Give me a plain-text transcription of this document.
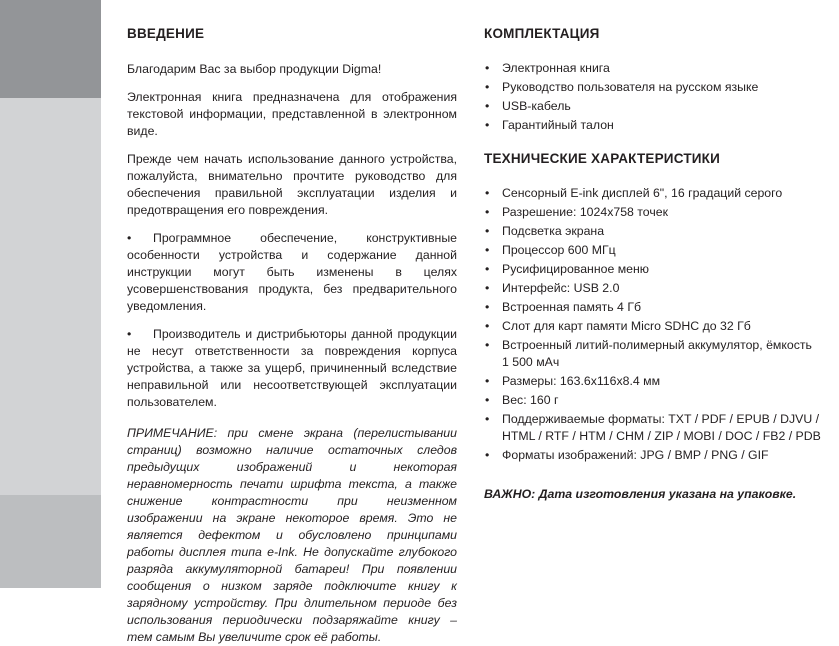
ВВЕДЕНИЕ

Благодарим Вас за выбор продукции Digma!

Электронная книга предназначена для отображения текстовой информации, представленной в электронном виде.

Прежде чем начать использование данного устройства, пожалуйста, внимательно прочтите руководство для обеспечения правильной эксплуатации изделия и предотвращения его повреждения.

• Программное обеспечение, конструктивные особенности устройства и содержание данной инструкции могут быть изменены в целях усовершенствования продукта, без предварительного уведомления.

• Производитель и дистрибьюторы данной продукции не несут ответственности за повреждения корпуса устройства, а также за ущерб, причиненный вследствие неправильной или несоответствующей эксплуатации пользователем.

ПРИМЕЧАНИЕ: при смене экрана (перелистывании страниц) возможно наличие остаточных следов предыдущих изображений и некоторая неравномерность печати шрифта текста, а также снижение контрастности при неизменном изображении на экране некоторое время. Это не является дефектом и обусловлено принципами работы дисплея типа e-Ink. Не допускайте глубокого разряда аккумуляторной батареи! При появлении сообщения о низком заряде подключите книгу к зарядному устройству. При длительном периоде без использования периодически подзаряжайте книгу – тем самым Вы увеличите срок её работы.

КОМПЛЕКТАЦИЯ
• Электронная книга
• Руководство пользователя на русском языке
• USB-кабель
• Гарантийный талон
ТЕХНИЧЕСКИЕ ХАРАКТЕРИСТИКИ
• Сенсорный E-ink дисплей 6", 16 градаций серого
• Разрешение: 1024x758 точек
• Подсветка экрана
• Процессор 600 МГц
• Русифицированное меню
• Интерфейс: USB 2.0
• Встроенная память 4 Гб
• Слот для карт памяти Micro SDHC до 32 Гб
• Встроенный литий-полимерный аккумулятор, ёмкость 1 500 мАч
• Размеры: 163.6x116x8.4 мм
• Вес: 160 г
• Поддерживаемые форматы: TXT / PDF / EPUB / DJVU / HTML / RTF / HTM / CHM / ZIP / MOBI / DOC / FB2 / PDB
• Форматы изображений: JPG / BMP / PNG / GIF

ВАЖНО: Дата изготовления указана на упаковке.
